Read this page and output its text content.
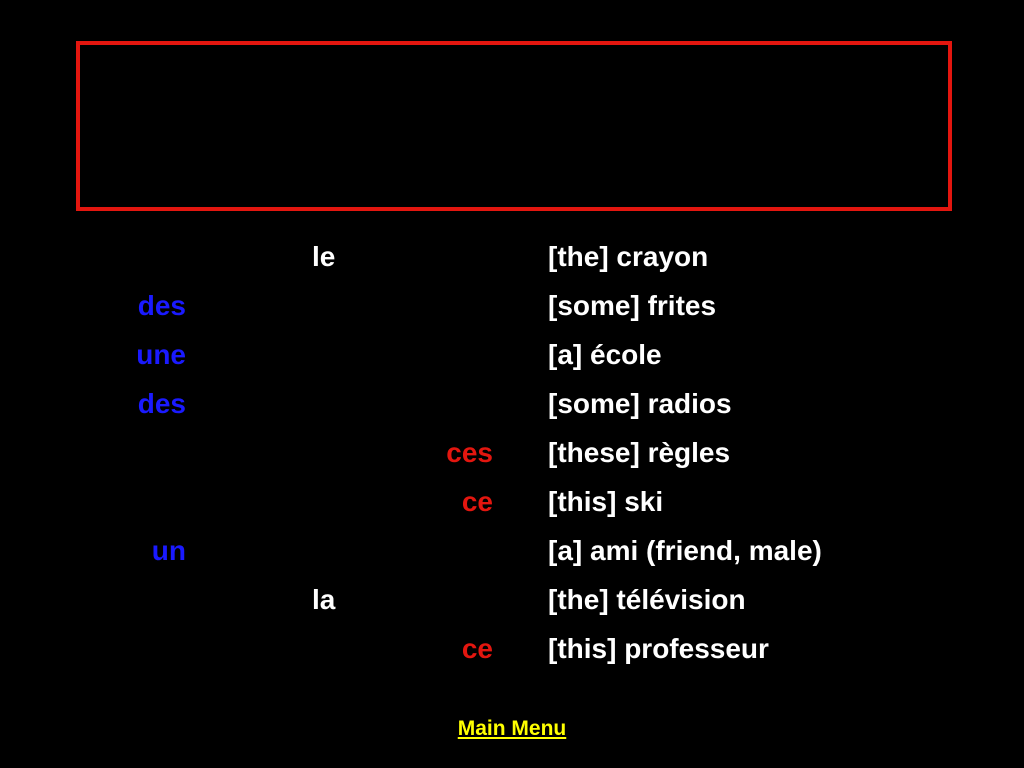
le	[the] crayon
des	[some] frites
une	[a] école
des	[some] radios
ces [these] règles
ce [this] ski
un	[a] ami (friend, male)
la	[the] télévision
ce [this] professeur
Main Menu
